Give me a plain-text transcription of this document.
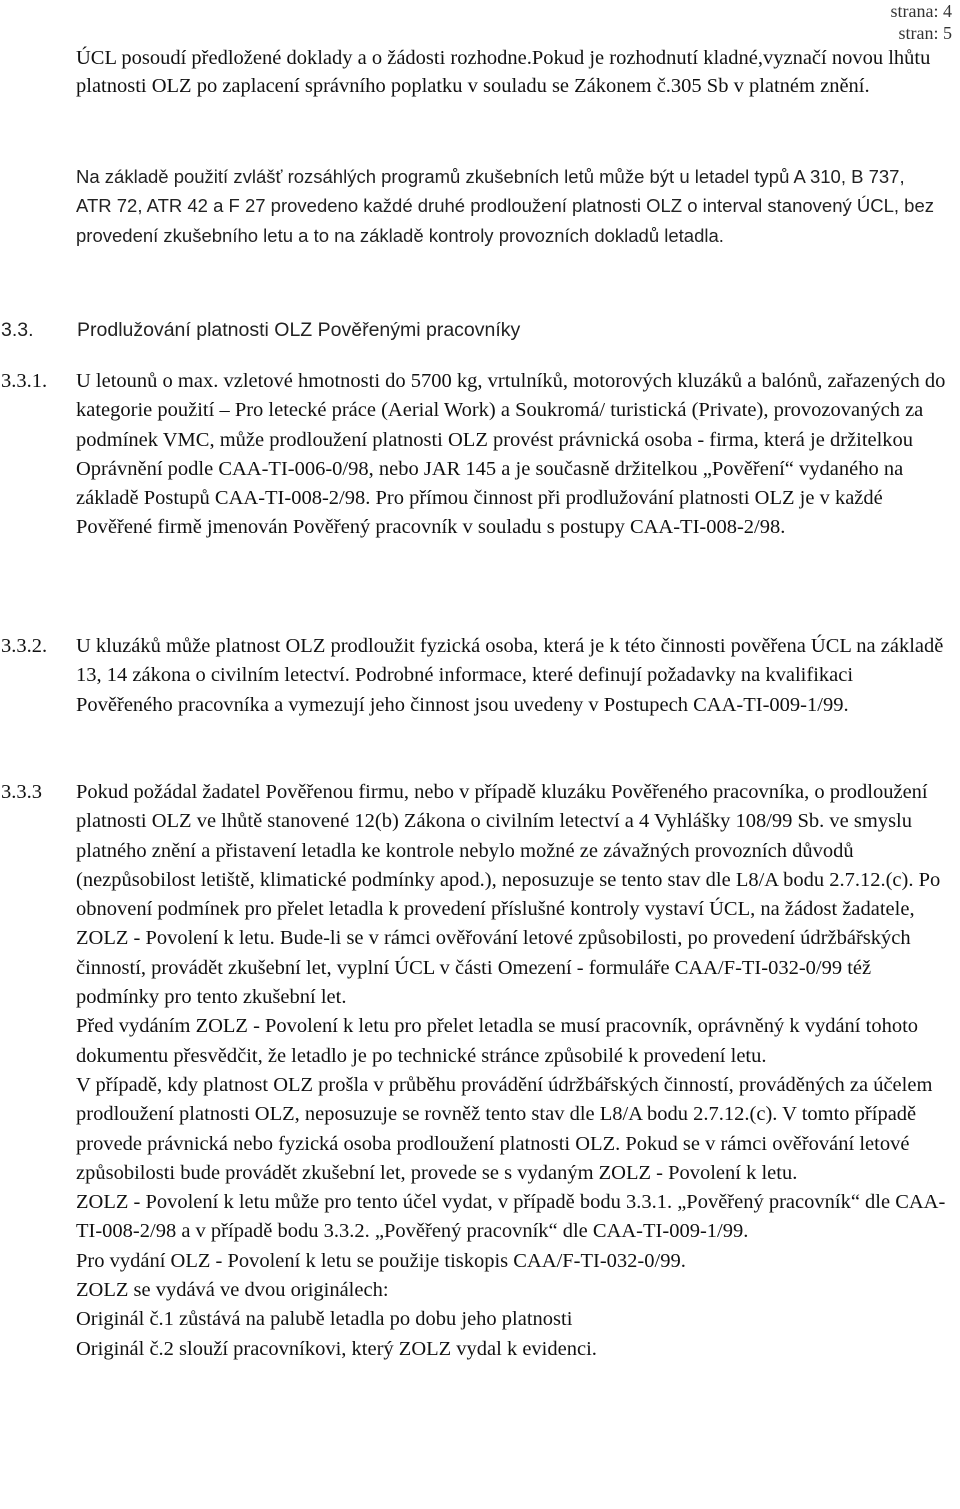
strana: 4
stran: 5
ÚCL posoudí předložené doklady a o žádosti rozhodne.Pokud je rozhodnutí kladné,vyznačí novou lhůtu platnosti OLZ po zaplacení správního poplatku v souladu se Zákonem č.305 Sb v platném znění.
Na základě použití zvlášť rozsáhlých programů zkušebních letů může být u letadel typů A 310, B 737, ATR 72, ATR 42 a F 27 provedeno každé druhé prodloužení platnosti OLZ o interval stanovený ÚCL, bez provedení zkušebního letu a to na základě kontroly provozních dokladů letadla.
3.3. Prodlužování platnosti OLZ Pověřenými pracovníky
3.3.1. U letounů o max. vzletové hmotnosti do 5700 kg, vrtulníků, motorových kluzáků a balónů, zařazených do kategorie použití – Pro letecké práce (Aerial Work) a Soukromá/ turistická (Private), provozovaných za podmínek VMC, může prodloužení platnosti OLZ provést právnická osoba - firma, která je držitelkou Oprávnění podle CAA-TI-006-0/98, nebo JAR 145 a je současně držitelkou „Pověření“ vydaného na základě Postupů CAA-TI-008-2/98. Pro přímou činnost při prodlužování platnosti OLZ je v každé Pověřené firmě jmenován Pověřený pracovník v souladu s postupy CAA-TI-008-2/98.

3.3.2. U kluzáků může platnost OLZ prodloužit fyzická osoba, která je k této činnosti pověřena ÚCL na základě 13, 14 zákona o civilním letectví. Podrobné informace, které definují požadavky na kvalifikaci Pověřeného pracovníka a vymezují jeho činnost jsou uvedeny v Postupech CAA-TI-009-1/99.

3.3.3 Pokud požádal žadatel Pověřenou firmu, nebo v případě kluzáku Pověřeného pracovníka, o prodloužení platnosti OLZ ve lhůtě stanovené 12(b) Zákona o civilním letectví a 4 Vyhlášky 108/99 Sb. ve smyslu platného znění a přistavení letadla ke kontrole nebylo možné ze závažných provozních důvodů (nezpůsobilost letiště, klimatické podmínky apod.), neposuzuje se tento stav dle L8/A bodu 2.7.12.(c). Po obnovení podmínek pro přelet letadla k provedení příslušné kontroly vystaví ÚCL, na žádost žadatele, ZOLZ - Povolení k letu. Bude-li se v rámci ověřování letové způsobilosti, po provedení údržbářských činností, provádět zkušební let, vyplní ÚCL v části Omezení - formuláře CAA/F-TI-032-0/99 též podmínky pro tento zkušební let.

Před vydáním ZOLZ - Povolení k letu pro přelet letadla se musí pracovník, oprávněný k vydání tohoto dokumentu přesvědčit, že letadlo je po technické stránce způsobilé k provedení letu.

V případě, kdy platnost OLZ prošla v průběhu provádění údržbářských činností, prováděných za účelem prodloužení platnosti OLZ, neposuzuje se rovněž tento stav dle L8/A bodu 2.7.12.(c). V tomto případě provede právnická nebo fyzická osoba prodloužení platnosti OLZ. Pokud se v rámci ověřování letové způsobilosti bude provádět zkušební let, provede se s vydaným ZOLZ - Povolení k letu.

ZOLZ - Povolení k letu může pro tento účel vydat, v případě bodu 3.3.1. „Pověřený pracovník“ dle CAA-TI-008-2/98 a v případě bodu 3.3.2. „Pověřený pracovník“ dle CAA-TI-009-1/99.

Pro vydání OLZ - Povolení k letu se použije tiskopis CAA/F-TI-032-0/99.

ZOLZ se vydává ve dvou originálech:

Originál č.1 zůstává na palubě letadla po dobu jeho platnosti

Originál č.2 slouží pracovníkovi, který ZOLZ vydal k evidenci.
